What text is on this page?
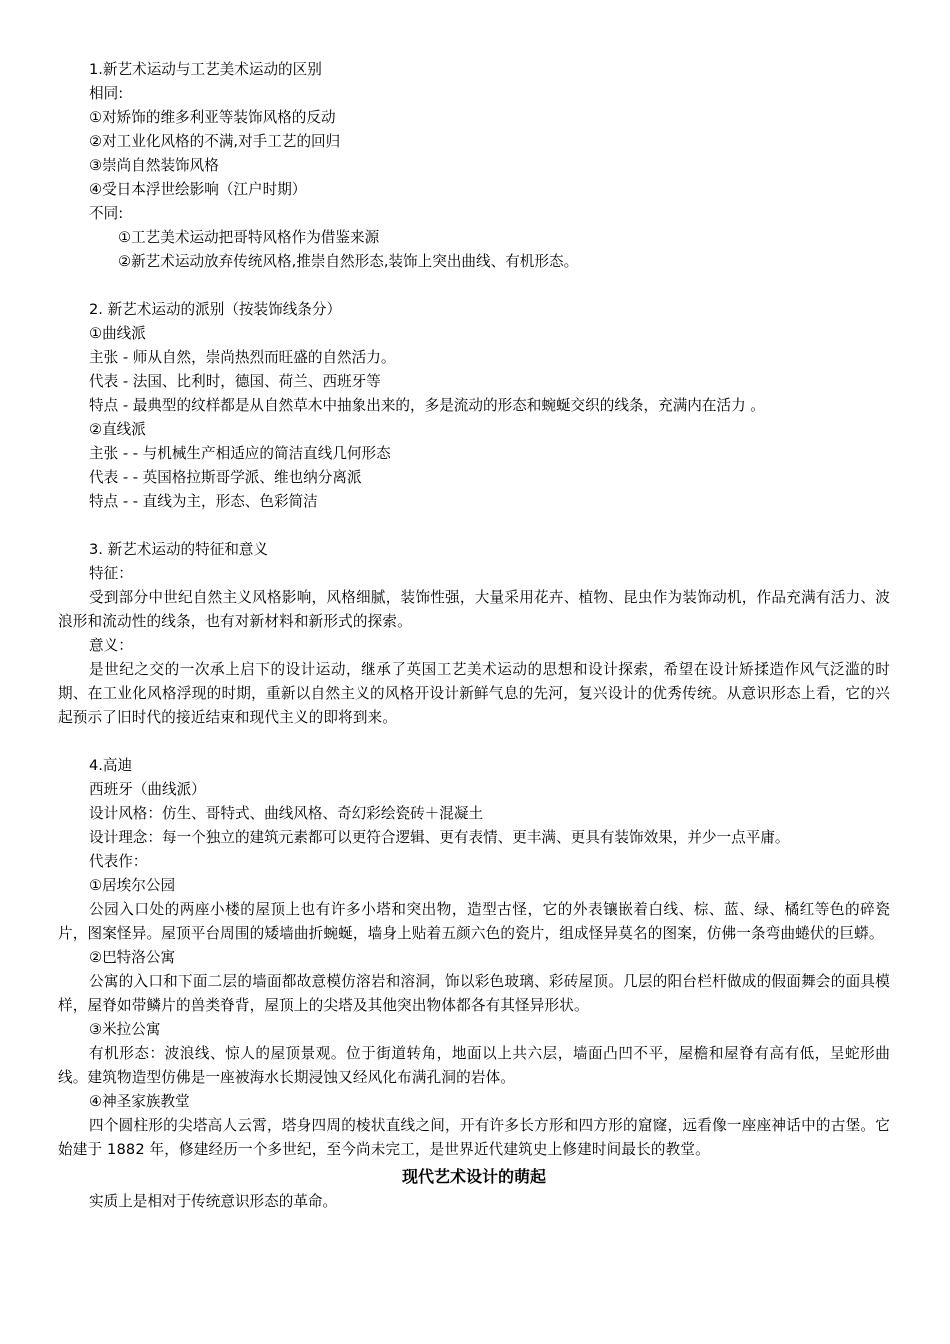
1.新艺术运动与工艺美术运动的区别
相同:
①对矫饰的维多利亚等装饰风格的反动
②对工业化风格的不满,对手工艺的回归
③崇尚自然装饰风格
④受日本浮世绘影响（江户时期）
不同:
①工艺美术运动把哥特风格作为借鉴来源
②新艺术运动放弃传统风格,推崇自然形态,装饰上突出曲线、有机形态。
2. 新艺术运动的派别（按装饰线条分）
①曲线派
主张 - 师从自然，崇尚热烈而旺盛的自然活力。
代表 - 法国、比利时，德国、荷兰、西班牙等
特点 - 最典型的纹样都是从自然草木中抽象出来的，多是流动的形态和蜿蜒交织的线条，充满内在活力 。
②直线派
主张 - - 与机械生产相适应的简洁直线几何形态
代表 - - 英国格拉斯哥学派、维也纳分离派
特点 - - 直线为主，形态、色彩简洁
3. 新艺术运动的特征和意义
特征：
受到部分中世纪自然主义风格影响，风格细腻，装饰性强，大量采用花卉、植物、昆虫作为装饰动机，作品充满有活力、波浪形和流动性的线条，也有对新材料和新形式的探索。
意义：
是世纪之交的一次承上启下的设计运动，继承了英国工艺美术运动的思想和设计探索，希望在设计矫揉造作风气泛滥的时期、在工业化风格浮现的时期，重新以自然主义的风格开设计新鲜气息的先河，复兴设计的优秀传统。从意识形态上看，它的兴起预示了旧时代的接近结束和现代主义的即将到来。
4.高迪
西班牙（曲线派）
设计风格：仿生、哥特式、曲线风格、奇幻彩绘瓷砖＋混凝土
设计理念：每一个独立的建筑元素都可以更符合逻辑、更有表情、更丰满、更具有装饰效果，并少一点平庸。
代表作：
①居埃尔公园
公园入口处的两座小楼的屋顶上也有许多小塔和突出物，造型古怪，它的外表镶嵌着白线、棕、蓝、绿、橘红等色的碎瓷片，图案怪异。屋顶平台周围的矮墙曲折蜿蜒，墙身上贴着五颜六色的瓷片，组成怪异莫名的图案，仿佛一条弯曲蜷伏的巨蟒。
②巴特洛公寓
公寓的入口和下面二层的墙面都故意模仿溶岩和溶洞，饰以彩色玻璃、彩砖屋顶。几层的阳台栏杆做成的假面舞会的面具模样，屋脊如带鳞片的兽类脊背，屋顶上的尖塔及其他突出物体都各有其怪异形状。
③米拉公寓
有机形态：波浪线、惊人的屋顶景观。位于街道转角，地面以上共六层，墙面凸凹不平，屋檐和屋脊有高有低，呈蛇形曲线。建筑物造型仿佛是一座被海水长期浸蚀又经风化布满孔洞的岩体。
④神圣家族教堂
四个圆柱形的尖塔高人云霄，塔身四周的棱状直线之间，开有许多长方形和四方形的窟窿，远看像一座座神话中的古堡。它始建于 1882 年，修建经历一个多世纪，至今尚未完工，是世界近代建筑史上修建时间最长的教堂。
现代艺术设计的萌起
实质上是相对于传统意识形态的革命。
